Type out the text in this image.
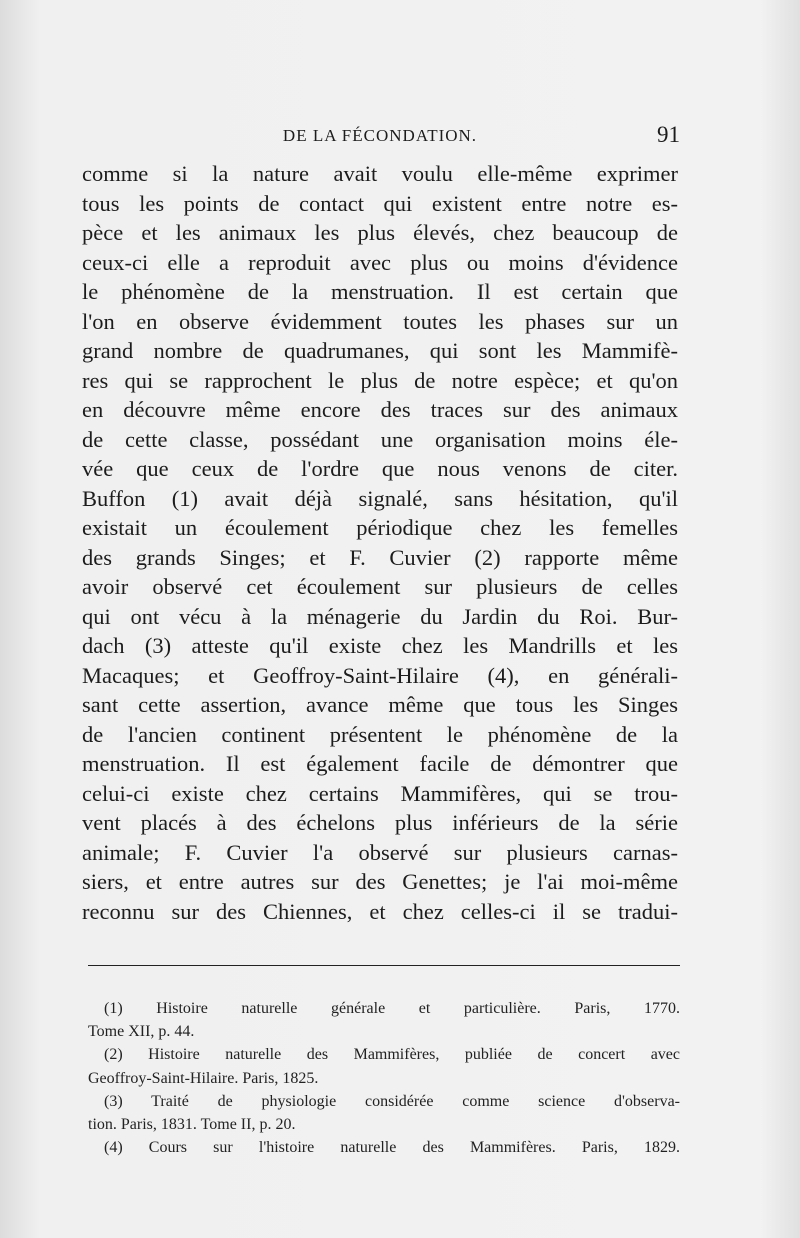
DE LA FÉCONDATION.	91
comme si la nature avait voulu elle-même exprimer
tous les points de contact qui existent entre notre es-
pèce et les animaux les plus élevés, chez beaucoup de
ceux-ci elle a reproduit avec plus ou moins d'évidence
le phénomène de la menstruation. Il est certain que
l'on en observe évidemment toutes les phases sur un
grand nombre de quadrumanes, qui sont les Mammifè-
res qui se rapprochent le plus de notre espèce; et qu'on
en découvre même encore des traces sur des animaux
de cette classe, possédant une organisation moins éle-
vée que ceux de l'ordre que nous venons de citer.
Buffon (1) avait déjà signalé, sans hésitation, qu'il
existait un écoulement périodique chez les femelles
des grands Singes; et F. Cuvier (2) rapporte même
avoir observé cet écoulement sur plusieurs de celles
qui ont vécu à la ménagerie du Jardin du Roi. Bur-
dach (3) atteste qu'il existe chez les Mandrills et les
Macaques; et Geoffroy-Saint-Hilaire (4), en générali-
sant cette assertion, avance même que tous les Singes
de l'ancien continent présentent le phénomène de la
menstruation. Il est également facile de démontrer que
celui-ci existe chez certains Mammifères, qui se trou-
vent placés à des échelons plus inférieurs de la série
animale; F. Cuvier l'a observé sur plusieurs carnas-
siers, et entre autres sur des Genettes; je l'ai moi-même
reconnu sur des Chiennes, et chez celles-ci il se tradui-
(1) Histoire naturelle générale et particulière. Paris, 1770.
Tome XII, p. 44.
(2) Histoire naturelle des Mammifères, publiée de concert avec
Geoffroy-Saint-Hilaire. Paris, 1825.
(3) Traité de physiologie considérée comme science d'observa-
tion. Paris, 1831. Tome II, p. 20.
(4) Cours sur l'histoire naturelle des Mammifères. Paris, 1829.
